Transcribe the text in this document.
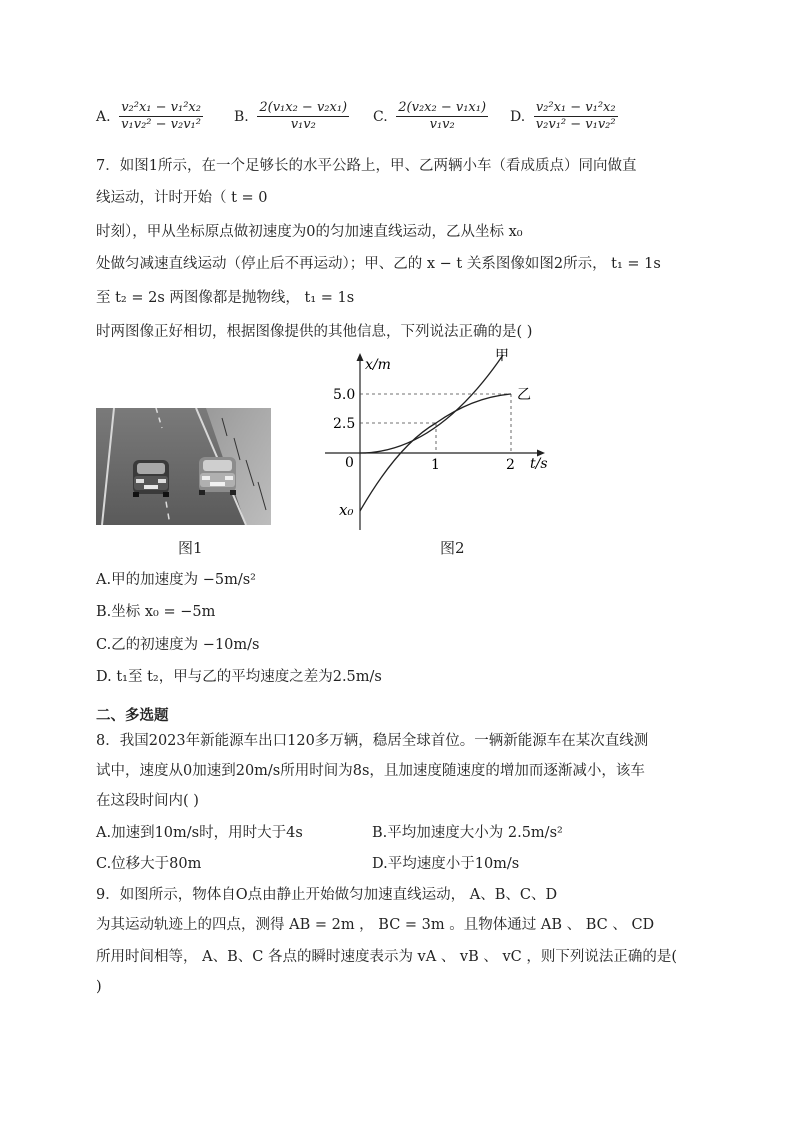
A. $\frac{\text{v₂²x₁ − v₁²x₂}}{\text{v₁v₂² − v₂v₁²}} B$. $\frac{\text{2(v₁x₂ − v₂x₁)}}{\text{v₁v₂}} C$. $\frac{\text{2(v₂x₂ − v₁x₁)}}{\text{v₁v₂}} D$. $\frac{\text{v₂²x₁ − v₁²x₂}}{\text{v₂v₁² − v₁v₂²}}$
7．如图1所示，在一个足够长的水平公路上，甲、乙两辆小车（看成质点）同向做直
线运动，计时开始（ t = 0
时刻），甲从坐标原点做初速度为0的匀加速直线运动，乙从坐标 x₀
处做匀减速直线运动（停止后不再运动）；甲、乙的 x − t 关系图像如图2所示， t₁ = 1s
至 t₂ = 2s 两图像都是抛物线， t₁ = 1s
时两图像正好相切，根据图像提供的其他信息，下列说法正确的是( )
图1
x/m
t/s
0
x₀
5.0
2.5
1	2
甲
乙
图2
A.甲的加速度为 −5m/s²
B.坐标 x₀ = −5m
C.乙的初速度为 −10m/s
D. t₁至 t₂，甲与乙的平均速度之差为2.5m/s
二、多选题
8．我国2023年新能源车出口120多万辆，稳居全球首位。一辆新能源车在某次直线测
试中，速度从0加速到20m/s所用时间为8s，且加速度随速度的增加而逐渐减小，该车
在这段时间内( )
A.加速到10m/s时，用时大于4s	B.平均加速度大小为 2.5m/s²
C.位移大于80m	D.平均速度小于10m/s
9．如图所示，物体自O点由静止开始做匀加速直线运动， A、B、C、D
为其运动轨迹上的四点，测得 AB = 2m ， BC = 3m 。且物体通过 AB 、 BC 、 CD
所用时间相等， A、B、C 各点的瞬时速度表示为 vA 、 vB 、 vC ，则下列说法正确的是(
)
